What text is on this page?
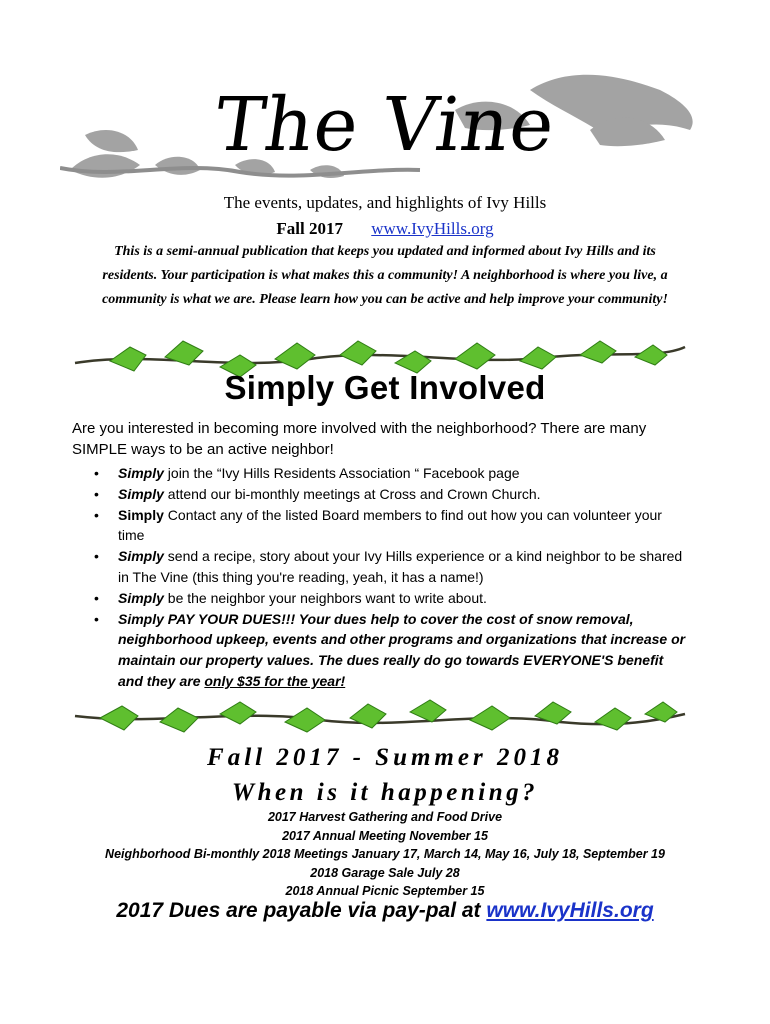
The Vine
The events, updates, and highlights of Ivy Hills
Fall 2017 www.IvyHills.org
This is a semi-annual publication that keeps you updated and informed about Ivy Hills and its residents. Your participation is what makes this a community! A neighborhood is where you live, a community is what we are. Please learn how you can be active and help improve your community!
Simply Get Involved
Are you interested in becoming more involved with the neighborhood? There are many SIMPLE ways to be an active neighbor!
• Simply join the “Ivy Hills Residents Association “ Facebook page
• Simply attend our bi-monthly meetings at Cross and Crown Church.
• Simply Contact any of the listed Board members to find out how you can volunteer your time
• Simply send a recipe, story about your Ivy Hills experience or a kind neighbor to be shared in The Vine (this thing you're reading, yeah, it has a name!)
• Simply be the neighbor your neighbors want to write about.
• Simply PAY YOUR DUES!!! Your dues help to cover the cost of snow removal, neighborhood upkeep, events and other programs and organizations that increase or maintain our property values. The dues really do go towards EVERYONE'S benefit and they are only $35 for the year!
Fall 2017 - Summer 2018
When is it happening?
2017 Harvest Gathering and Food Drive
2017 Annual Meeting November 15
Neighborhood Bi-monthly 2018 Meetings January 17, March 14, May 16, July 18, September 19
2018 Garage Sale July 28
2018 Annual Picnic September 15
2017 Dues are payable via pay-pal at www.IvyHills.org
